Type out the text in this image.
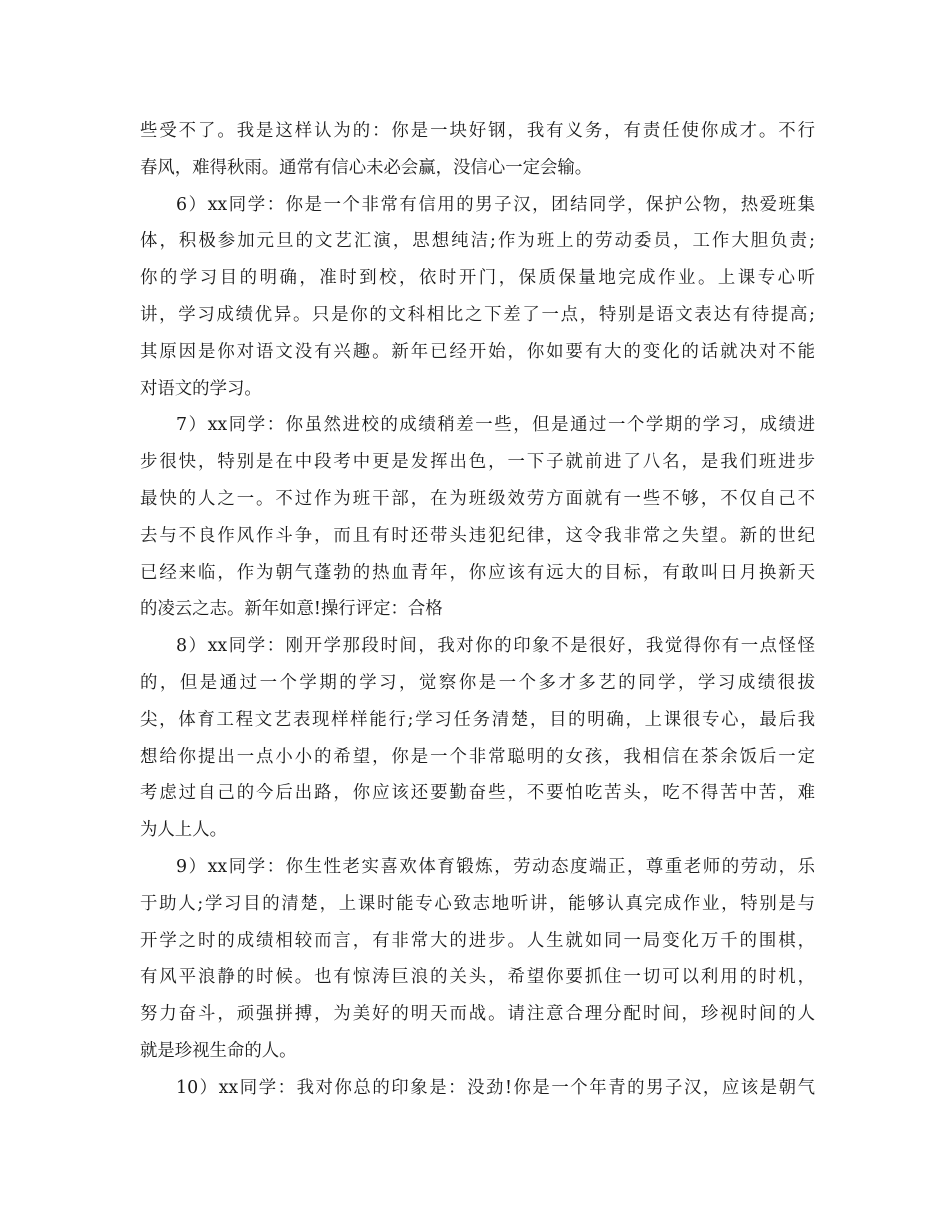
些受不了。我是这样认为的：你是一块好钢，我有义务，有责任使你成才。不行
春风，难得秋雨。通常有信心未必会赢，没信心一定会输。
6）xx同学：你是一个非常有信用的男子汉，团结同学，保护公物，热爱班集
体，积极参加元旦的文艺汇演，思想纯洁;作为班上的劳动委员，工作大胆负责;
你的学习目的明确，准时到校，依时开门，保质保量地完成作业。上课专心听
讲，学习成绩优异。只是你的文科相比之下差了一点，特别是语文表达有待提高;
其原因是你对语文没有兴趣。新年已经开始，你如要有大的变化的话就决对不能
对语文的学习。
7）xx同学：你虽然进校的成绩稍差一些，但是通过一个学期的学习，成绩进
步很快，特别是在中段考中更是发挥出色，一下子就前进了八名，是我们班进步
最快的人之一。不过作为班干部，在为班级效劳方面就有一些不够，不仅自己不
去与不良作风作斗争，而且有时还带头违犯纪律，这令我非常之失望。新的世纪
已经来临，作为朝气蓬勃的热血青年，你应该有远大的目标，有敢叫日月换新天
的凌云之志。新年如意!操行评定：合格
8）xx同学：刚开学那段时间，我对你的印象不是很好，我觉得你有一点怪怪
的，但是通过一个学期的学习，觉察你是一个多才多艺的同学，学习成绩很拔
尖，体育工程文艺表现样样能行;学习任务清楚，目的明确，上课很专心，最后我
想给你提出一点小小的希望，你是一个非常聪明的女孩，我相信在茶余饭后一定
考虑过自己的今后出路，你应该还要勤奋些，不要怕吃苦头，吃不得苦中苦，难
为人上人。
9）xx同学：你生性老实喜欢体育锻炼，劳动态度端正，尊重老师的劳动，乐
于助人;学习目的清楚，上课时能专心致志地听讲，能够认真完成作业，特别是与
开学之时的成绩相较而言，有非常大的进步。人生就如同一局变化万千的围棋，
有风平浪静的时候。也有惊涛巨浪的关头，希望你要抓住一切可以利用的时机，
努力奋斗，顽强拼搏，为美好的明天而战。请注意合理分配时间，珍视时间的人
就是珍视生命的人。
10）xx同学：我对你总的印象是：没劲!你是一个年青的男子汉，应该是朝气
